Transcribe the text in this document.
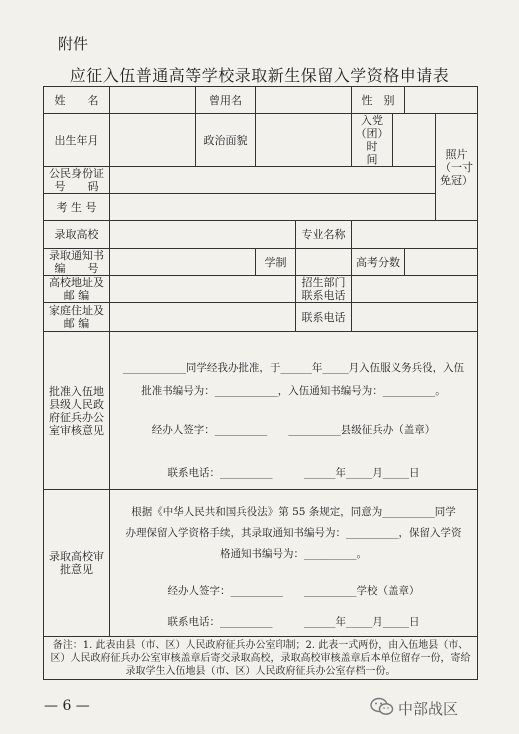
附件
应征入伍普通高等学校录取新生保留入学资格申请表
姓　　名		曾用名			性　别			
出生年月		政治面貌			入党（团）时　　间			照片（一寸免冠）
公民身份证号　　码								
考 生 号								
录取高校				专业名称				
录取通知书编　　号			学制		高考分数			
高校地址及 邮 编				招生部门联系电话				
家庭住址及 邮 编				联系电话				
批准入伍地县级人民政府征兵办公室审核意见	____________同学经我办批准，于______年_____月入伍服义务兵役，入伍
批准书编号为：____________，入伍通知书编号为：__________。
经办人签字：__________　　__________县级征兵办（盖章）
联系电话：__________　　　______年_____月_____日							

录取高校审批意见	根据《中华人民共和国兵役法》第 55 条规定，同意为__________同学
办理保留入学资格手续，其录取通知书编号为：__________，保留入学资
格通知书编号为：__________。
经办人签字：__________　　__________学校（盖章）
联系电话：__________　　　______年_____月_____日							

备注：1. 此表由县（市、区）人民政府征兵办公室印制；2. 此表一式两份，由入伍地县（市、区）人民政府征兵办公室审核盖章后寄交录取高校，录取高校审核盖章后本单位留存一份，寄给录取学生入伍地县（市、区）人民政府征兵办公室存档一份。								
— 6 —	中部战区
